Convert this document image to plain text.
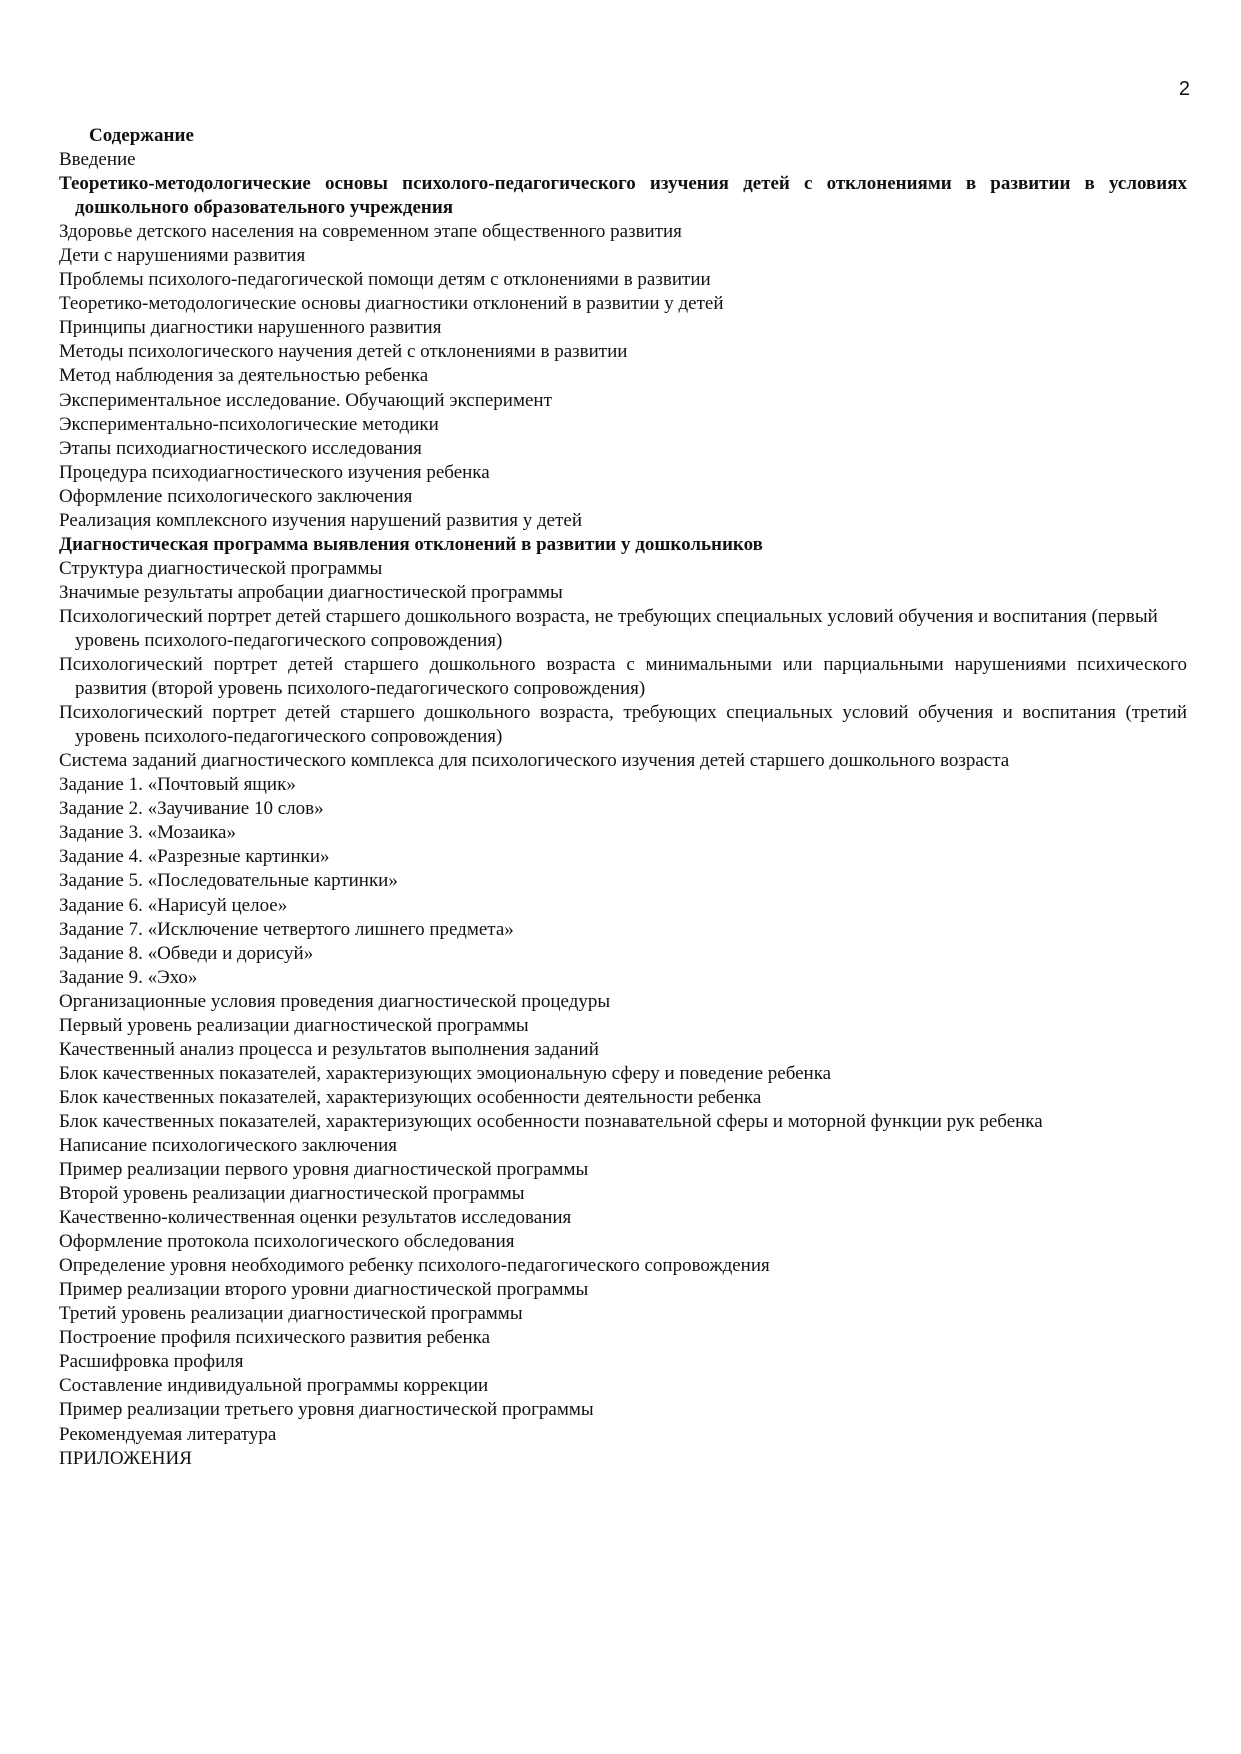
2

Содержание

Введение

Теоретико-методологические основы психолого-педагогического изучения детей с отклонениями в развитии в условиях дошкольного образовательного учреждения

Здоровье детского населения на современном этапе общественного развития

Дети с нарушениями развития

Проблемы психолого-педагогической помощи детям с отклонениями в развитии

Теоретико-методологические основы диагностики отклонений в развитии у детей

Принципы диагностики нарушенного развития

Методы психологического научения детей с отклонениями в развитии

Метод наблюдения за деятельностью ребенка

Экспериментальное исследование. Обучающий эксперимент

Экспериментально-психологические методики

Этапы психодиагностического исследования

Процедура психодиагностического изучения ребенка

Оформление психологического заключения

Реализация комплексного изучения нарушений развития у детей

Диагностическая программа выявления отклонений в развитии у дошкольников

Структура диагностической программы

Значимые результаты апробации диагностической программы

Психологический портрет детей старшего дошкольного возраста, не требующих специальных условий обучения и воспитания (первый уровень психолого-педагогического сопровождения)

Психологический портрет детей старшего дошкольного возраста с минимальными или парциальными нарушениями психического развития (второй уровень психолого-педагогического сопровождения)

Психологический портрет детей старшего дошкольного возраста, требующих специальных условий обучения и воспитания (третий уровень психолого-педагогического сопровождения)

Система заданий диагностического комплекса для психологического изучения детей старшего дошкольного возраста

Задание 1. «Почтовый ящик»

Задание 2. «Заучивание 10 слов»

Задание 3. «Мозаика»

Задание 4. «Разрезные картинки»

Задание 5. «Последовательные картинки»

Задание 6. «Нарисуй целое»

Задание 7. «Исключение четвертого лишнего предмета»

Задание 8. «Обведи и дорисуй»

Задание 9. «Эхо»

Организационные условия проведения диагностической процедуры

Первый уровень реализации диагностической программы

Качественный анализ процесса и результатов выполнения заданий

Блок качественных показателей, характеризующих эмоциональную сферу и поведение ребенка

Блок качественных показателей, характеризующих особенности деятельности ребенка

Блок качественных показателей, характеризующих особенности познавательной сферы и моторной функции рук ребенка

Написание психологического заключения

Пример реализации первого уровня диагностической программы

Второй уровень реализации диагностической программы

Качественно-количественная оценки результатов исследования

Оформление протокола психологического обследования

Определение уровня необходимого ребенку психолого-педагогического сопровождения

Пример реализации второго уровни диагностической программы

Третий уровень реализации диагностической программы

Построение профиля психического развития ребенка

Расшифровка профиля

Составление индивидуальной программы коррекции

Пример реализации третьего уровня диагностической программы

Рекомендуемая литература

ПРИЛОЖЕНИЯ
